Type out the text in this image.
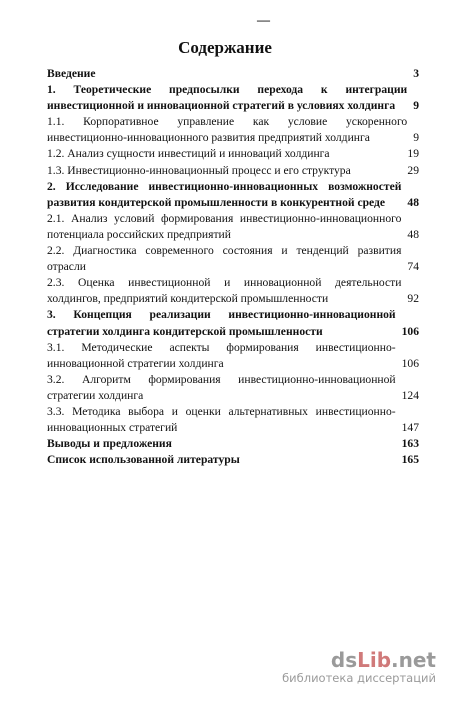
—
Содержание
Введение	3
1. Теоретические предпосылки перехода к интеграции инвестиционной и инновационной стратегий в условиях холдинга	9
1.1. Корпоративное управление как условие ускоренного инвестиционно-инновационного развития предприятий холдинга	9
1.2. Анализ сущности инвестиций и инноваций холдинга	19
1.3. Инвестиционно-инновационный процесс и его структура	29
2. Исследование инвестиционно-инновационных возможностей развития кондитерской промышленности в конкурентной среде	48
2.1. Анализ условий формирования инвестиционно-инновационного потенциала российских предприятий	48
2.2. Диагностика современного состояния и тенденций развития отрасли	74
2.3. Оценка инвестиционной и инновационной деятельности холдингов, предприятий кондитерской промышленности	92
3. Концепция реализации инвестиционно-инновационной стратегии холдинга кондитерской промышленности	106
3.1. Методические аспекты формирования инвестиционно-инновационной стратегии холдинга	106
3.2. Алгоритм формирования инвестиционно-инновационной стратегии холдинга	124
3.3. Методика выбора и оценки альтернативных инвестиционно-инновационных стратегий	147
Выводы и предложения	163
Список использованной литературы	165
dsLib.net
библиотека диссертаций
